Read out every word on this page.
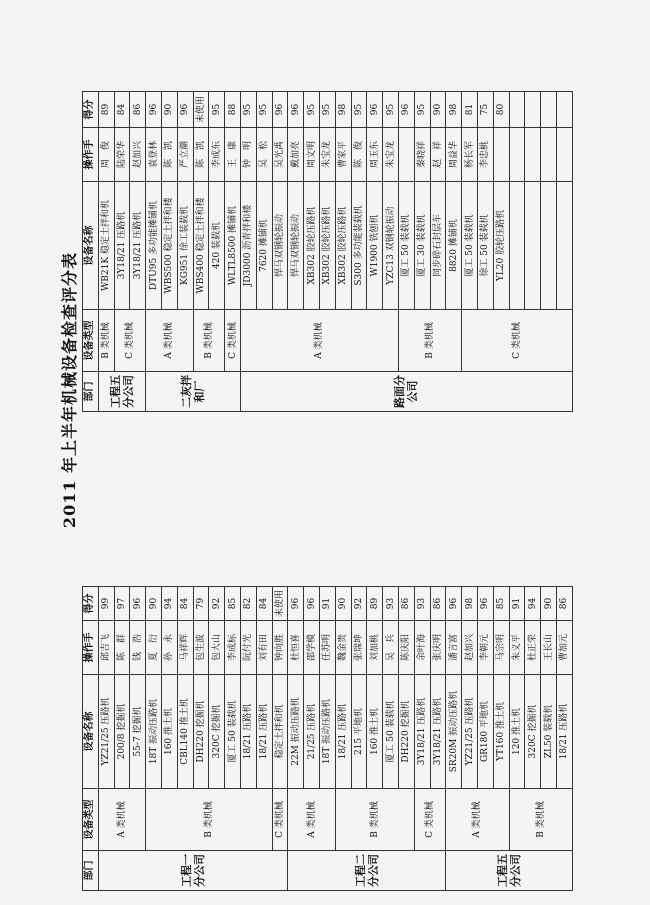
2011 年上半年机械设备检查评分表
部门	设备类型	设备名称	操作手	得分
工程一分公司	A 类机械	YZ21/25 压路机	邱吉飞	99
		200/8 挖掘机	陈　群	97
		55-7 挖掘机	钱　浩	96
	B 类机械	18T 振动压路机	夏　衍	90
		160 推土机	孙　永	94
		CBL140 推土机	马祥辉	84
		DH220 挖掘机	包生波	79
		320C 挖掘机	包大山	92
		厦工 50 装载机	李成标	85
		18/21 压路机	阮付光	82
		18/21 压路机	刘有田	84
	C 类机械	稳定土拌和机	钟向胜	未使用
工程二分公司	A 类机械	22M 振动压路机	杜恒喜	96
		21/25 压路机	邵学模	96
		18T 振动压路机	任苏明	91
	B 类机械	18/21 压路机	魏金贵	90
		215 平地机	张瑞坤	92
		160 推土机	刘加桃	89
		厦工 50 装载机	吴　兵	93
		DH220 挖掘机	陈庆阳	86
	C 类机械	3Y18/21 压路机	余叶海	93
		3Y18/21 压路机	张庆明	86
工程五分公司	A 类机械	SR20M 振动压路机	潘言富	96
		YZ21/25 压路机	赵加兴	98
		GR180 平地机	李朝元	96
		YT160 推土机	马宗明	85
	B 类机械	120 推土机	朱义平	91
		320C 挖掘机	杜正荣	94
		ZL50 装载机	王长山	90
		18/21 压路机	曹加元	86
部门	设备类型	设备名称	操作手	得分
工程五分公司	B 类机械	WB21K 稳定土拌和机	周　俊	89
	C 类机械	3Y18/21 压路机	陆荣华	84
		3Y18/21 压路机	赵加兴	86
二灰拌和厂	A 类机械	DTU95 多功能摊铺机	袁登林	96
		WBS500 稳定土拌和楼	陈　凯	90
		KG951 徐工装载机	严立潮	96
	B 类机械	WBS400 稳定土拌和楼	陈　凯	未使用
		420 装载机	李成东	95
	C 类机械	WLTL8500 摊铺机	王　康	88
路面分公司	A 类机械	JD3000 沥青拌和楼	钟　明	95
		7620 摊铺机	吴　松	95
		悍马双钢轮振动	吴光禹	96
		悍马双钢轮振动	戴加亮	96
		XB302 胶轮压路机	周文明	95
		XB302 胶轮压路机	朱宝龙	95
		XB302 胶轮压路机	曹家平	98
		S300 多功能装载机	陈　俊	95
		W1900 铣刨机	周玉东	96
		YZC13 双钢轮振动	朱宝龙	95
	B 类机械	厦工 50 装载机		96
		厦工 30 装载机	秦晓祥	95
		同步碎石封层车	赵　祥	90
		8820 摊铺机	周益华	98
	C 类机械	厦工 50 装载机	杨长军	81
		徐工 50 装载机	李忠桃	75
		YL20 胶轮压路机		80
